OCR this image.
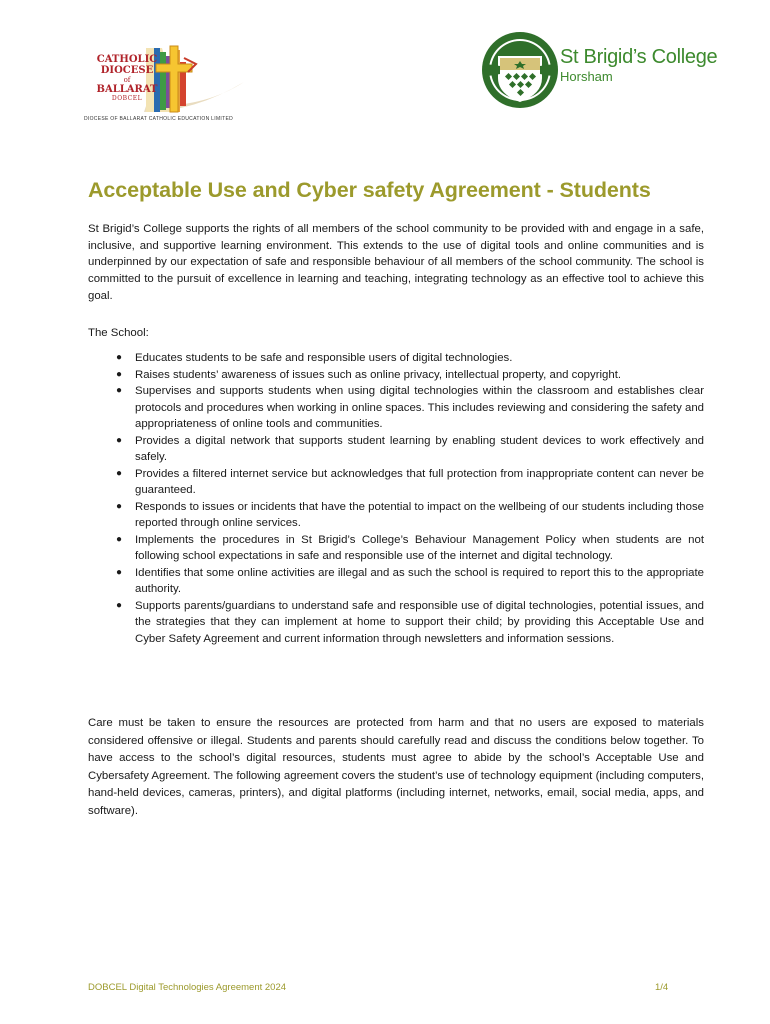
CATHOLIC
DIOCESE
of
BALLARAT
DOBCEL
DIOCESE OF BALLARAT CATHOLIC EDUCATION LIMITED
St Brigid’s College
Horsham
Acceptable Use and Cyber safety Agreement - Students

St Brigid’s College supports the rights of all members of the school community to be provided with and engage in a safe, inclusive, and supportive learning environment. This extends to the use of digital tools and online communities and is underpinned by our expectation of safe and responsible behaviour of all members of the school community. The school is committed to the pursuit of excellence in learning and teaching, integrating technology as an effective tool to achieve this goal.

The School:

● Educates students to be safe and responsible users of digital technologies.
● Raises students’ awareness of issues such as online privacy, intellectual property, and copyright.
● Supervises and supports students when using digital technologies within the classroom and establishes clear protocols and procedures when working in online spaces. This includes reviewing and considering the safety and appropriateness of online tools and communities.
● Provides a digital network that supports student learning by enabling student devices to work effectively and safely.
● Provides a filtered internet service but acknowledges that full protection from inappropriate content can never be guaranteed.
● Responds to issues or incidents that have the potential to impact on the wellbeing of our students including those reported through online services.
● Implements the procedures in St Brigid’s College’s Behaviour Management Policy when students are not following school expectations in safe and responsible use of the internet and digital technology.
● Identifies that some online activities are illegal and as such the school is required to report this to the appropriate authority.
● Supports parents/guardians to understand safe and responsible use of digital technologies, potential issues, and the strategies that they can implement at home to support their child; by providing this Acceptable Use and Cyber Safety Agreement and current information through newsletters and information sessions.

Care must be taken to ensure the resources are protected from harm and that no users are exposed to materials considered offensive or illegal. Students and parents should carefully read and discuss the conditions below together. To have access to the school’s digital resources, students must agree to abide by the school’s Acceptable Use and Cybersafety Agreement. The following agreement covers the student’s use of technology equipment (including computers, hand-held devices, cameras, printers), and digital platforms (including internet, networks, email, social media, apps, and software).

DOBCEL Digital Technologies Agreement 2024	1/4
